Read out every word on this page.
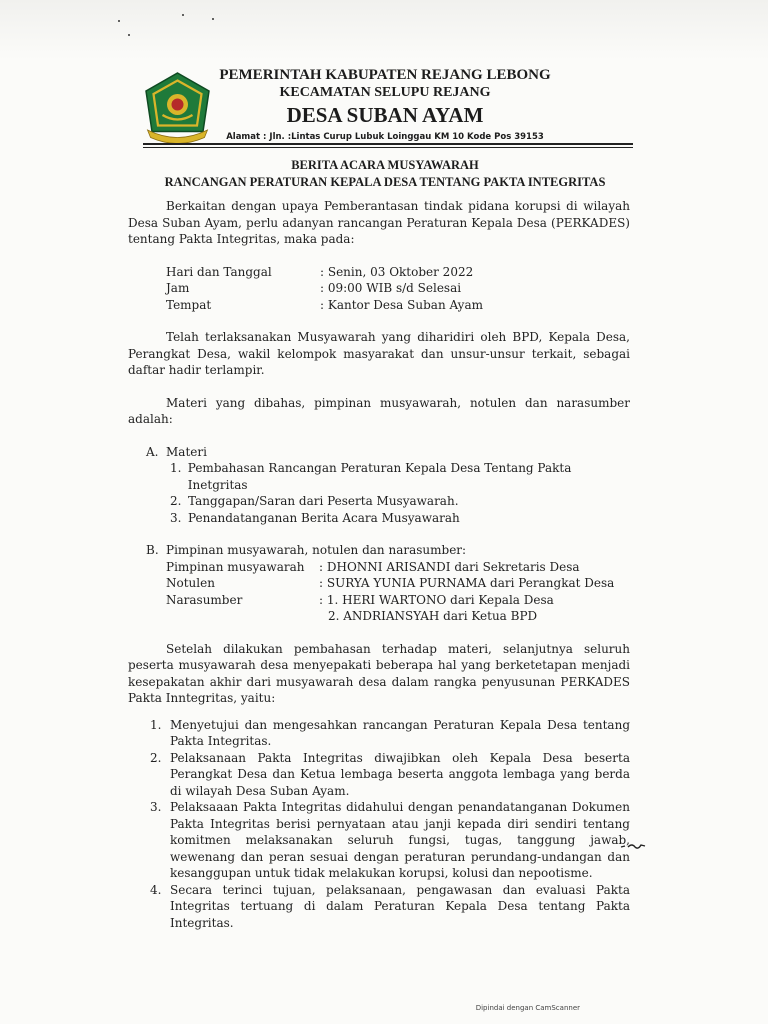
PEMERINTAH KABUPATEN REJANG LEBONG
KECAMATAN SELUPU REJANG
DESA SUBAN AYAM
Alamat : Jln. :Lintas Curup Lubuk Loinggau KM 10 Kode Pos 39153
BERITA ACARA MUSYAWARAH
RANCANGAN PERATURAN KEPALA DESA TENTANG PAKTA INTEGRITAS

Berkaitan dengan upaya Pemberantasan tindak pidana korupsi di wilayah Desa Suban Ayam, perlu adanyan rancangan Peraturan Kepala Desa (PERKADES) tentang Pakta Integritas, maka pada:

Hari dan Tanggal	: Senin, 03 Oktober 2022
Jam	: 09:00 WIB s/d Selesai
Tempat	: Kantor Desa Suban Ayam

Telah terlaksanakan Musyawarah yang diharidiri oleh BPD, Kepala Desa, Perangkat Desa, wakil kelompok masyarakat dan unsur-unsur terkait, sebagai daftar hadir terlampir.

Materi yang dibahas, pimpinan musyawarah, notulen dan narasumber adalah:

A. Materi
1. Pembahasan Rancangan Peraturan Kepala Desa Tentang Pakta Inetgritas
2. Tanggapan/Saran dari Peserta Musyawarah.
3. Penandatanganan Berita Acara Musyawarah
B. Pimpinan musyawarah, notulen dan narasumber:
Pimpinan musyawarah	: DHONNI ARISANDI dari Sekretaris Desa
Notulen	: SURYA YUNIA PURNAMA dari Perangkat Desa
Narasumber	: 1. HERI WARTONO dari Kepala Desa
2. ANDRIANSYAH dari Ketua BPD

Setelah dilakukan pembahasan terhadap materi, selanjutnya seluruh peserta musyawarah desa menyepakati beberapa hal yang berketetapan menjadi kesepakatan akhir dari musyawarah desa dalam rangka penyusunan PERKADES Pakta Inntegritas, yaitu:

1. Menyetujui dan mengesahkan rancangan Peraturan Kepala Desa tentang Pakta Integritas.
2. Pelaksanaan Pakta Integritas diwajibkan oleh Kepala Desa beserta Perangkat Desa dan Ketua lembaga beserta anggota lembaga yang berda di wilayah Desa Suban Ayam.
3. Pelaksaaan Pakta Integritas didahului dengan penandatanganan Dokumen Pakta Integritas berisi pernyataan atau janji kepada diri sendiri tentang komitmen melaksanakan seluruh fungsi, tugas, tanggung jawab, wewenang dan peran sesuai dengan peraturan perundang-undangan dan kesanggupan untuk tidak melakukan korupsi, kolusi dan nepootisme.
4. Secara terinci tujuan, pelaksanaan, pengawasan dan evaluasi Pakta Integritas tertuang di dalam Peraturan Kepala Desa tentang Pakta Integritas.
Dipindai dengan CamScanner
